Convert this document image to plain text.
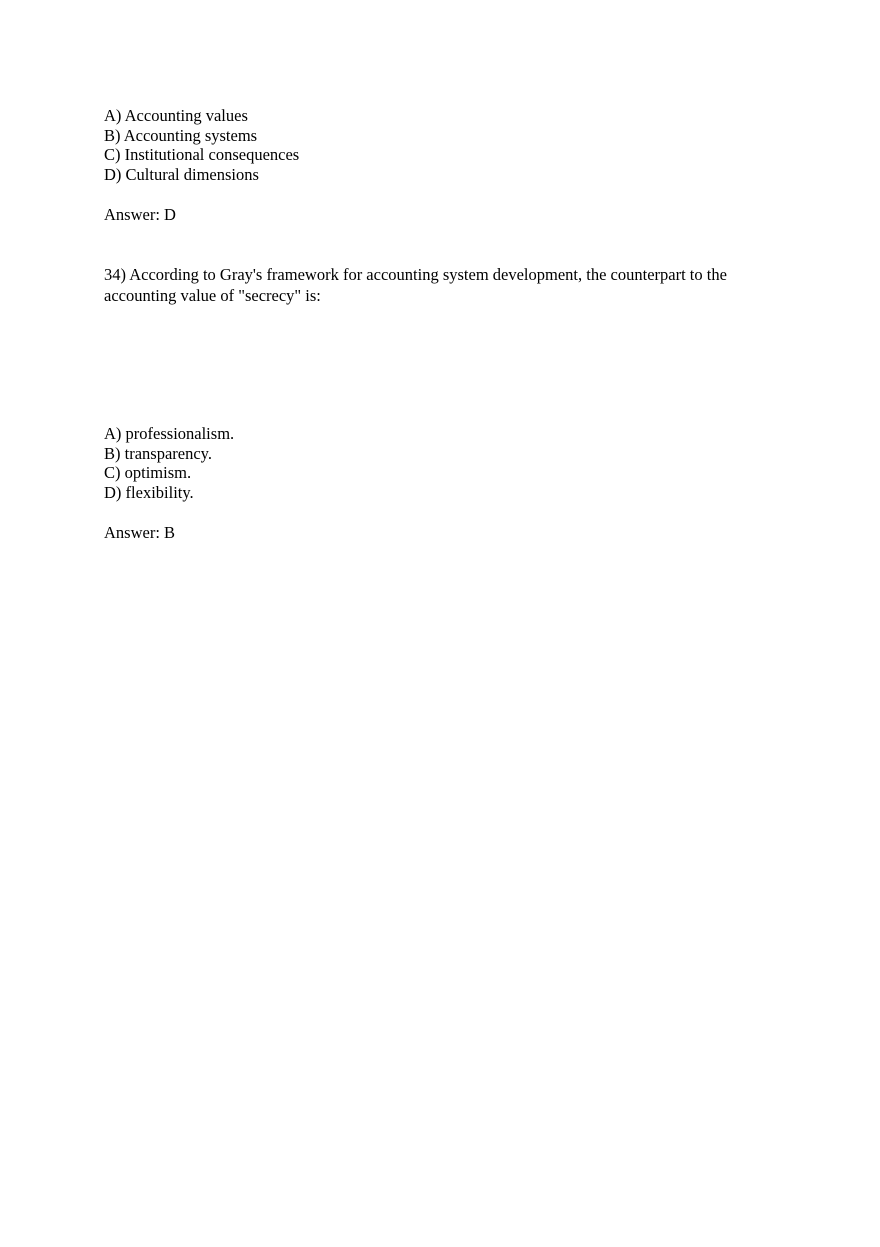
A) Accounting values
B) Accounting systems
C) Institutional consequences
D) Cultural dimensions
Answer: D
34) According to Gray's framework for accounting system development, the counterpart to the accounting value of "secrecy" is:
A) professionalism.
B) transparency.
C) optimism.
D) flexibility.
Answer: B
